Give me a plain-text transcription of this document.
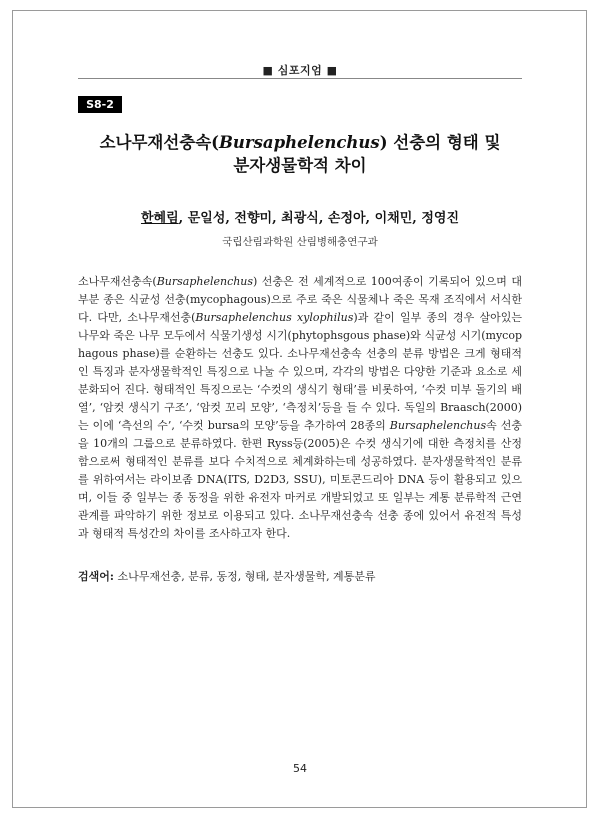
■ 심포지엄 ■
S8-2
소나무재선충속(Bursaphelenchus) 선충의 형태 및
분자생물학적 차이
한혜림, 문일성, 전향미, 최광식, 손정아, 이채민, 정영진
국립산림과학원 산림병해충연구과

소나무재선충속(Bursaphelenchus) 선충은 전 세계적으로 100여종이 기록되어 있으며 대부분 종은 식균성 선충(mycophagous)으로 주로 죽은 식물체나 죽은 목재 조직에서 서식한다. 다만, 소나무재선충(Bursaphelenchus xylophilus)과 같이 일부 종의 경우 살아있는 나무와 죽은 나무 모두에서 식물기생성 시기(phytophsgous phase)와 식균성 시기(mycophagous phase)를 순환하는 선충도 있다. 소나무재선충속 선충의 분류 방법은 크게 형태적인 특징과 분자생물학적인 특징으로 나눌 수 있으며, 각각의 방법은 다양한 기준과 요소로 세분화되어 진다. 형태적인 특징으로는 ‘수컷의 생식기 형태’를 비롯하여, ‘수컷 미부 돌기의 배열’, ‘암컷 생식기 구조’, ‘암컷 꼬리 모양’, ‘측정치’등을 들 수 있다. 독일의 Braasch(2000)는 이에 ‘측선의 수’, ‘수컷 bursa의 모양’등을 추가하여 28종의 Bursaphelenchus속 선충을 10개의 그룹으로 분류하였다. 한편 Ryss등(2005)은 수컷 생식기에 대한 측정치를 산정함으로써 형태적인 분류를 보다 수치적으로 체계화하는데 성공하였다. 분자생물학적인 분류를 위하여서는 라이보좀 DNA(ITS, D2D3, SSU), 미토콘드리아 DNA 등이 활용되고 있으며, 이들 중 일부는 종 동정을 위한 유전자 마커로 개발되었고 또 일부는 계통 분류학적 근연관계를 파악하기 위한 정보로 이용되고 있다. 소나무재선충속 선충 종에 있어서 유전적 특성과 형태적 특성간의 차이를 조사하고자 한다.

검색어: 소나무재선충, 분류, 동정, 형태, 분자생물학, 계통분류
54
